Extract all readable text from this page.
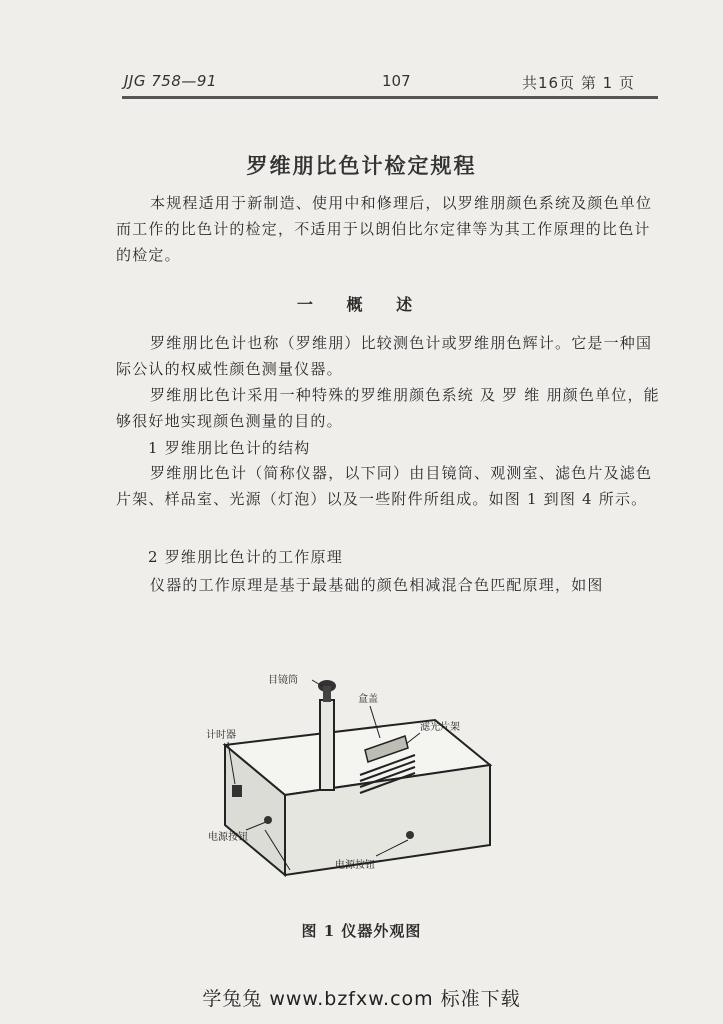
JJG 758—91	107	共16页 第 1 页
罗维朋比色计检定规程

本规程适用于新制造、使用中和修理后，以罗维朋颜色系统及颜色单位而工作的比色计的检定，不适用于以朗伯比尔定律等为其工作原理的比色计的检定。

一 概 述

罗维朋比色计也称（罗维朋）比较测色计或罗维朋色辉计。它是一种国际公认的权威性颜色测量仪器。

罗维朋比色计采用一种特殊的罗维朋颜色系统 及 罗 维 朋颜色单位，能够很好地实现颜色测量的目的。

1 罗维朋比色计的结构

罗维朋比色计（简称仪器，以下同）由目镜筒、观测室、滤色片及滤色片架、样品室、光源（灯泡）以及一些附件所组成。如图 1 到图 4 所示。

2 罗维朋比色计的工作原理

仪器的工作原理是基于最基础的颜色相减混合色匹配原理，如图

目镜筒
盒盖
滤光片架
计时器
电源按钮
电源按钮
图 1 仪器外观图
学兔兔 www.bzfxw.com 标准下载
